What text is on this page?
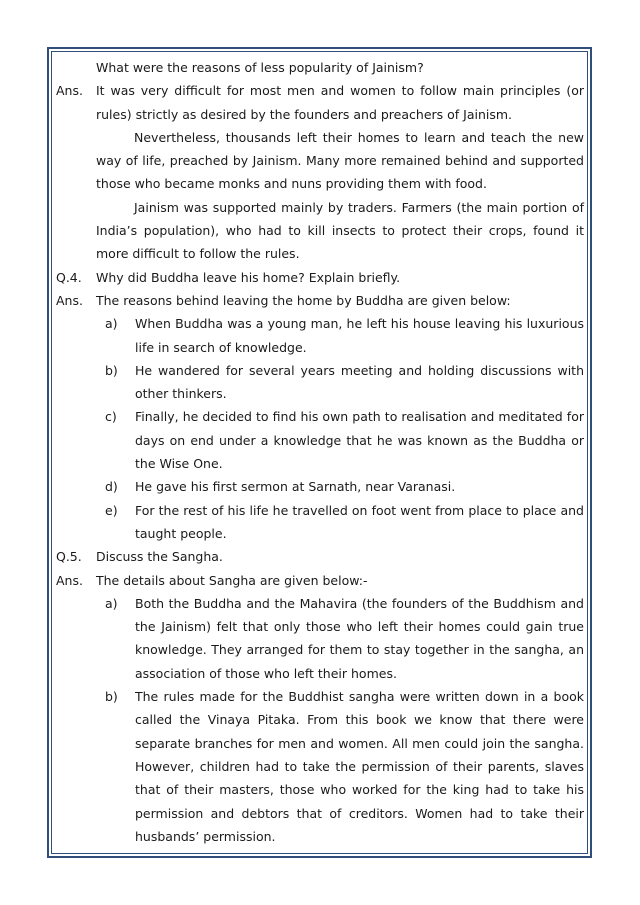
What were the reasons of less popularity of Jainism?
Ans.	It was very difficult for most men and women to follow main principles (or rules) strictly as desired by the founders and preachers of Jainism.
Nevertheless, thousands left their homes to learn and teach the new way of life, preached by Jainism. Many more remained behind and supported those who became monks and nuns providing them with food.
Jainism was supported mainly by traders. Farmers (the main portion of India’s population), who had to kill insects to protect their crops, found it more difficult to follow the rules.
Q.4.	Why did Buddha leave his home? Explain briefly.
Ans.	The reasons behind leaving the home by Buddha are given below:
a)	When Buddha was a young man, he left his house leaving his luxurious life in search of knowledge.
b)	He wandered for several years meeting and holding discussions with other thinkers.
c)	Finally, he decided to find his own path to realisation and meditated for days on end under a knowledge that he was known as the Buddha or the Wise One.
d)	He gave his first sermon at Sarnath, near Varanasi.
e)	For the rest of his life he travelled on foot went from place to place and taught people.
Q.5.	Discuss the Sangha.
Ans.	The details about Sangha are given below:-
a)	Both the Buddha and the Mahavira (the founders of the Buddhism and the Jainism) felt that only those who left their homes could gain true knowledge. They arranged for them to stay together in the sangha, an association of those who left their homes.
b)	The rules made for the Buddhist sangha were written down in a book called the Vinaya Pitaka. From this book we know that there were separate branches for men and women. All men could join the sangha. However, children had to take the permission of their parents, slaves that of their masters, those who worked for the king had to take his permission and debtors that of creditors. Women had to take their husbands’ permission.
